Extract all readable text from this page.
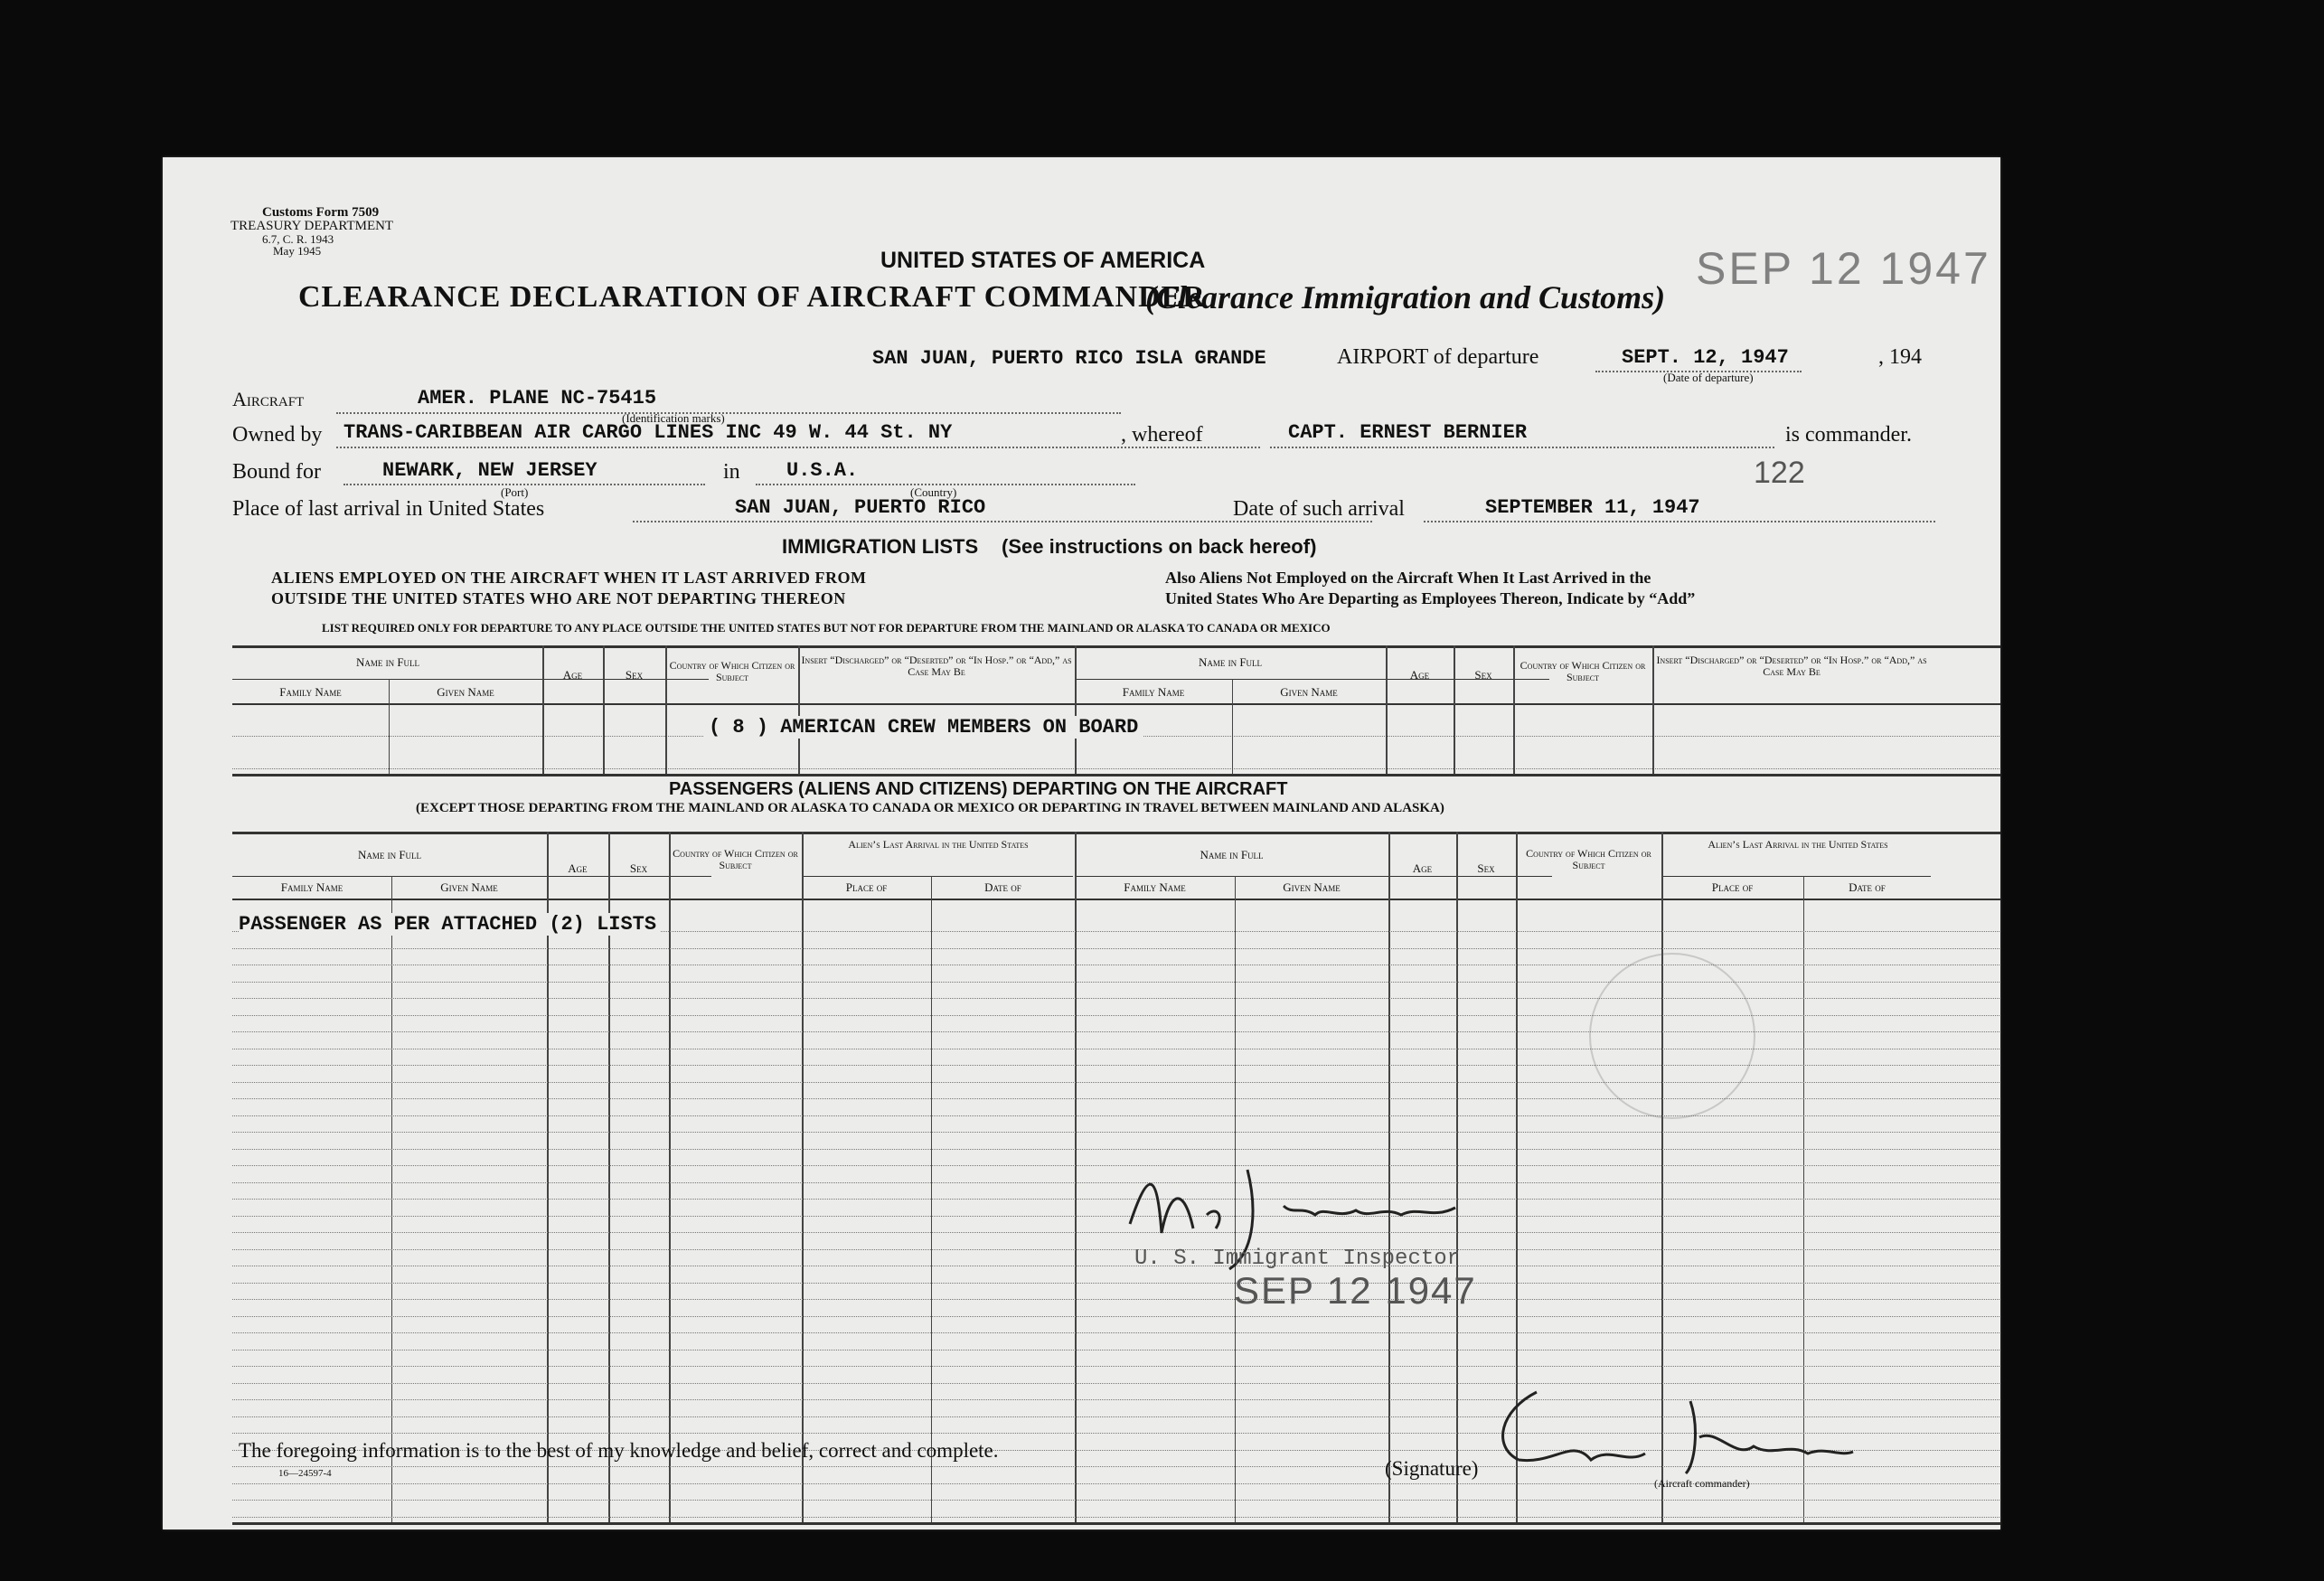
Customs Form 7509
TREASURY DEPARTMENT
6.7, C. R. 1943
May 1945	UNITED STATES OF AMERICA
CLEARANCE DECLARATION OF AIRCRAFT COMMANDER
(Clearance Immigration and Customs)
SEP 12 1947
SAN JUAN, PUERTO RICO ISLA GRANDE	AIRPORT of departure	SEPT. 12, 1947	, 194
(Date of departure)
Aircraft	AMER. PLANE NC-75415
(Identification marks)
Owned by TRANS-CARIBBEAN AIR CARGO LINES INC 49 W. 44 St. NY	, whereof	CAPT. ERNEST BERNIER	is commander.
Bound for	NEWARK, NEW JERSEY
(Port)
in U.S.A.
(Country)
122
Place of last arrival in United States	SAN JUAN, PUERTO RICO	Date of such arrival	SEPTEMBER 11, 1947
IMMIGRATION LISTS (See instructions on back hereof)
ALIENS EMPLOYED ON THE AIRCRAFT WHEN IT LAST ARRIVED FROM
OUTSIDE THE UNITED STATES WHO ARE NOT DEPARTING THEREON
Also Aliens Not Employed on the Aircraft When It Last Arrived in the
United States Who Are Departing as Employees Thereon, Indicate by “Add”
LIST REQUIRED ONLY FOR DEPARTURE TO ANY PLACE OUTSIDE THE UNITED STATES BUT NOT FOR DEPARTURE FROM THE MAINLAND OR ALASKA TO CANADA OR MEXICO
Name in Full
Family Name	Given Name
Age	Sex
Country of Which Citizen or Subject
Insert “Discharged” or “Deserted” or “In Hosp.” or “Add,” as Case May Be
Name in Full
Family Name	Given Name
Age	Sex
Country of Which Citizen or Subject
Insert “Discharged” or “Deserted” or “In Hosp.” or “Add,” as Case May Be
( 8 ) AMERICAN CREW MEMBERS ON BOARD
PASSENGERS (ALIENS AND CITIZENS) DEPARTING ON THE AIRCRAFT
(EXCEPT THOSE DEPARTING FROM THE MAINLAND OR ALASKA TO CANADA OR MEXICO OR DEPARTING IN TRAVEL BETWEEN MAINLAND AND ALASKA)
Name in Full
Family Name	Given Name
Age	Sex
Country of Which Citizen or Subject
Alien’s Last Arrival in the United States
Place of	Date of
Name in Full
Family Name	Given Name
Age	Sex
Country of Which Citizen or Subject
Alien’s Last Arrival in the United States
Place of	Date of
PASSENGER AS PER ATTACHED (2) LISTS
U. S. Immigrant Inspector
SEP 12 1947
The foregoing information is to the best of my knowledge and belief, correct and complete.
16—24597-4	(Signature)
(Aircraft commander)
